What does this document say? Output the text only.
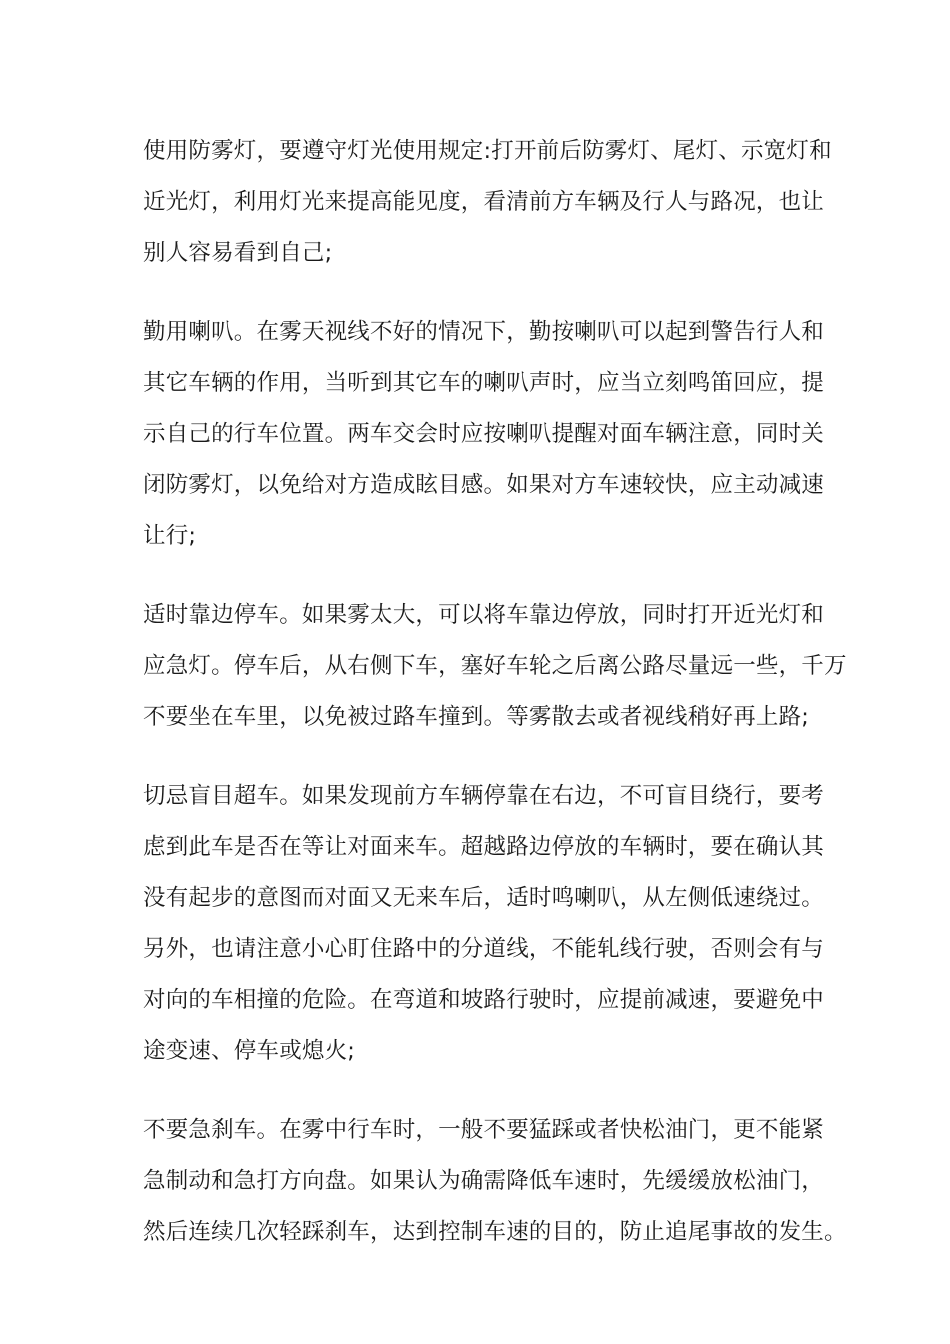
使用防雾灯，要遵守灯光使用规定:打开前后防雾灯、尾灯、示宽灯和
近光灯，利用灯光来提高能见度，看清前方车辆及行人与路况，也让
别人容易看到自己;
勤用喇叭。在雾天视线不好的情况下，勤按喇叭可以起到警告行人和
其它车辆的作用，当听到其它车的喇叭声时，应当立刻鸣笛回应，提
示自己的行车位置。两车交会时应按喇叭提醒对面车辆注意，同时关
闭防雾灯，以免给对方造成眩目感。如果对方车速较快，应主动减速
让行;
适时靠边停车。如果雾太大，可以将车靠边停放，同时打开近光灯和
应急灯。停车后，从右侧下车，塞好车轮之后离公路尽量远一些，千万
不要坐在车里，以免被过路车撞到。等雾散去或者视线稍好再上路;
切忌盲目超车。如果发现前方车辆停靠在右边，不可盲目绕行，要考
虑到此车是否在等让对面来车。超越路边停放的车辆时，要在确认其
没有起步的意图而对面又无来车后，适时鸣喇叭，从左侧低速绕过。
另外，也请注意小心盯住路中的分道线，不能轧线行驶，否则会有与
对向的车相撞的危险。在弯道和坡路行驶时，应提前减速，要避免中
途变速、停车或熄火;
不要急刹车。在雾中行车时，一般不要猛踩或者快松油门，更不能紧
急制动和急打方向盘。如果认为确需降低车速时，先缓缓放松油门，
然后连续几次轻踩刹车，达到控制车速的目的，防止追尾事故的发生。
